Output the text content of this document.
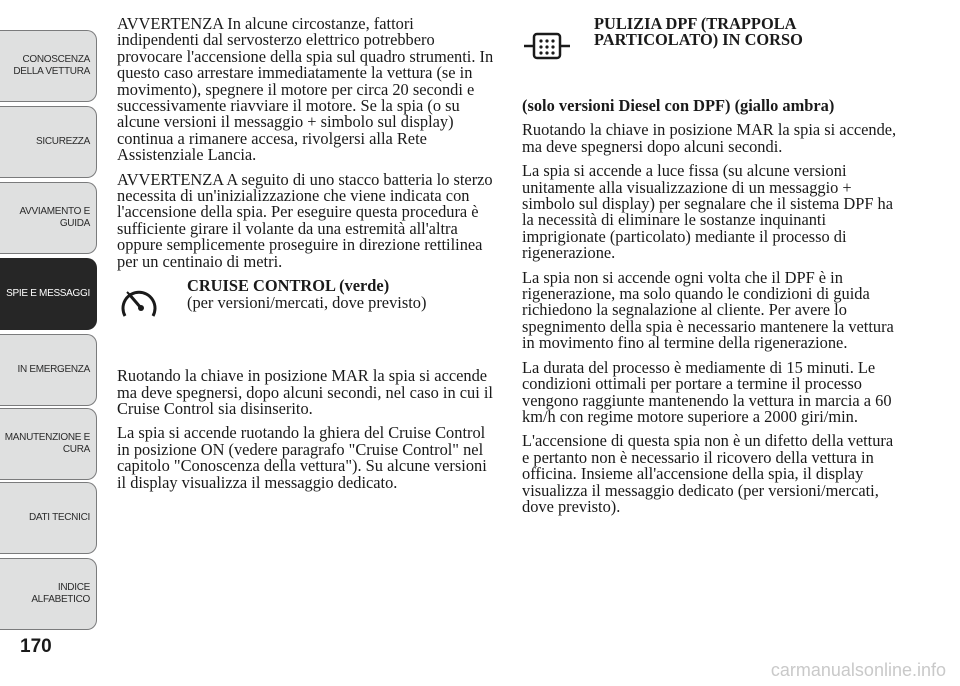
CONOSCENZA
DELLA VETTURA
SICUREZZA
AVVIAMENTO E
GUIDA
SPIE E MESSAGGI
IN EMERGENZA
MANUTENZIONE E
CURA
DATI TECNICI
INDICE
ALFABETICO
170

AVVERTENZA In alcune circostanze, fattori indipendenti dal servosterzo elettrico potrebbero provocare l'accensione della spia sul quadro strumenti. In questo caso arrestare immediatamente la vettura (se in movimento), spegnere il motore per circa 20 secondi e successivamente riavviare il motore. Se la spia (o su alcune versioni il messaggio + simbolo sul display) continua a rimanere accesa, rivolgersi alla Rete Assistenziale Lancia.

AVVERTENZA A seguito di uno stacco batteria lo sterzo necessita di un'inizializzazione che viene indicata con l'accensione della spia. Per eseguire questa procedura è sufficiente girare il volante da una estremità all'altra oppure semplicemente proseguire in direzione rettilinea per un centinaio di metri.

CRUISE CONTROL (verde)
(per versioni/mercati, dove previsto)

Ruotando la chiave in posizione MAR la spia si accende ma deve spegnersi, dopo alcuni secondi, nel caso in cui il Cruise Control sia disinserito.

La spia si accende ruotando la ghiera del Cruise Control in posizione ON (vedere paragrafo "Cruise Control" nel capitolo "Conoscenza della vettura"). Su alcune versioni il display visualizza il messaggio dedicato.

PULIZIA DPF (TRAPPOLA
PARTICOLATO) IN CORSO

(solo versioni Diesel con DPF) (giallo ambra)

Ruotando la chiave in posizione MAR la spia si accende, ma deve spegnersi dopo alcuni secondi.

La spia si accende a luce fissa (su alcune versioni unitamente alla visualizzazione di un messaggio + simbolo sul display) per segnalare che il sistema DPF ha la necessità di eliminare le sostanze inquinanti imprigionate (particolato) mediante il processo di rigenerazione.

La spia non si accende ogni volta che il DPF è in rigenerazione, ma solo quando le condizioni di guida richiedono la segnalazione al cliente. Per avere lo spegnimento della spia è necessario mantenere la vettura in movimento fino al termine della rigenerazione.

La durata del processo è mediamente di 15 minuti. Le condizioni ottimali per portare a termine il processo vengono raggiunte mantenendo la vettura in marcia a 60 km/h con regime motore superiore a 2000 giri/min.

L'accensione di questa spia non è un difetto della vettura e pertanto non è necessario il ricovero della vettura in officina. Insieme all'accensione della spia, il display visualizza il messaggio dedicato (per versioni/mercati, dove previsto).

carmanualsonline.info
